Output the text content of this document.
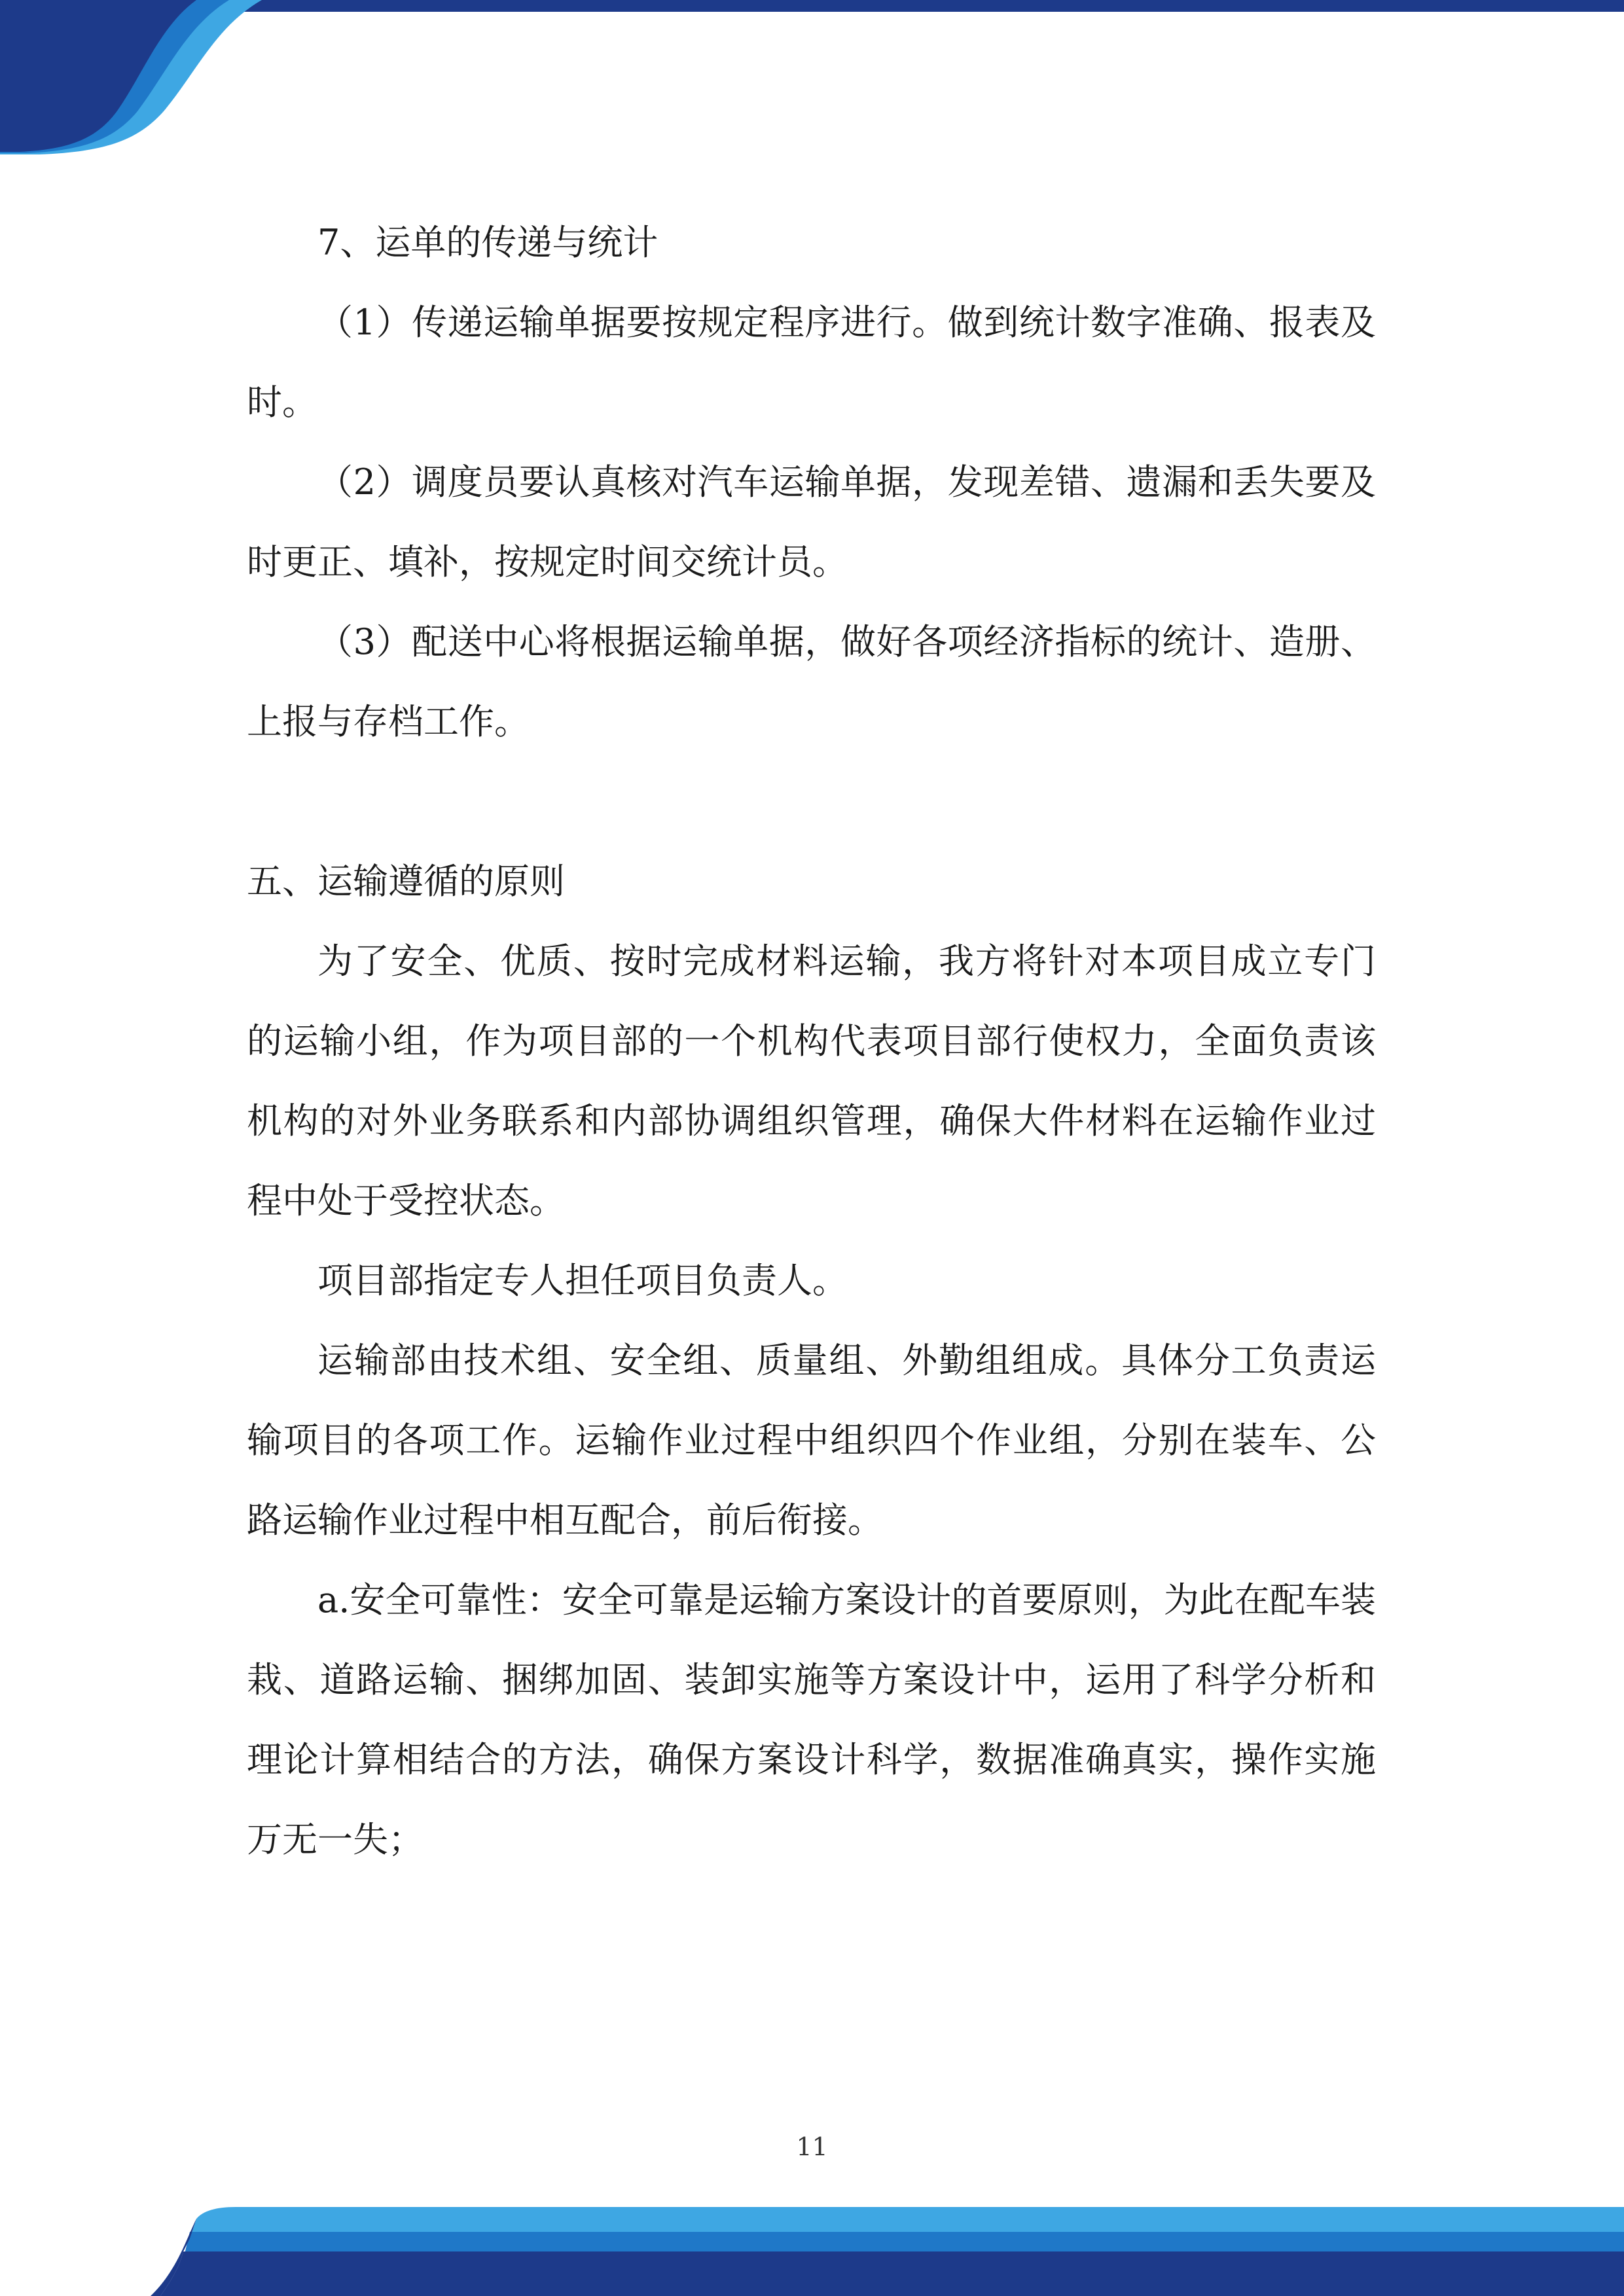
7、运单的传递与统计

（1）传递运输单据要按规定程序进行。做到统计数字准确、报表及时。

（2）调度员要认真核对汽车运输单据，发现差错、遗漏和丢失要及时更正、填补，按规定时间交统计员。

（3）配送中心将根据运输单据，做好各项经济指标的统计、造册、上报与存档工作。

五、运输遵循的原则

为了安全、优质、按时完成材料运输，我方将针对本项目成立专门的运输小组，作为项目部的一个机构代表项目部行使权力，全面负责该机构的对外业务联系和内部协调组织管理，确保大件材料在运输作业过程中处于受控状态。

项目部指定专人担任项目负责人。

运输部由技术组、安全组、质量组、外勤组组成。具体分工负责运输项目的各项工作。运输作业过程中组织四个作业组，分别在装车、公路运输作业过程中相互配合，前后衔接。

a.安全可靠性：安全可靠是运输方案设计的首要原则，为此在配车装栽、道路运输、捆绑加固、装卸实施等方案设计中，运用了科学分析和理论计算相结合的方法，确保方案设计科学，数据准确真实，操作实施万无一失；

11
